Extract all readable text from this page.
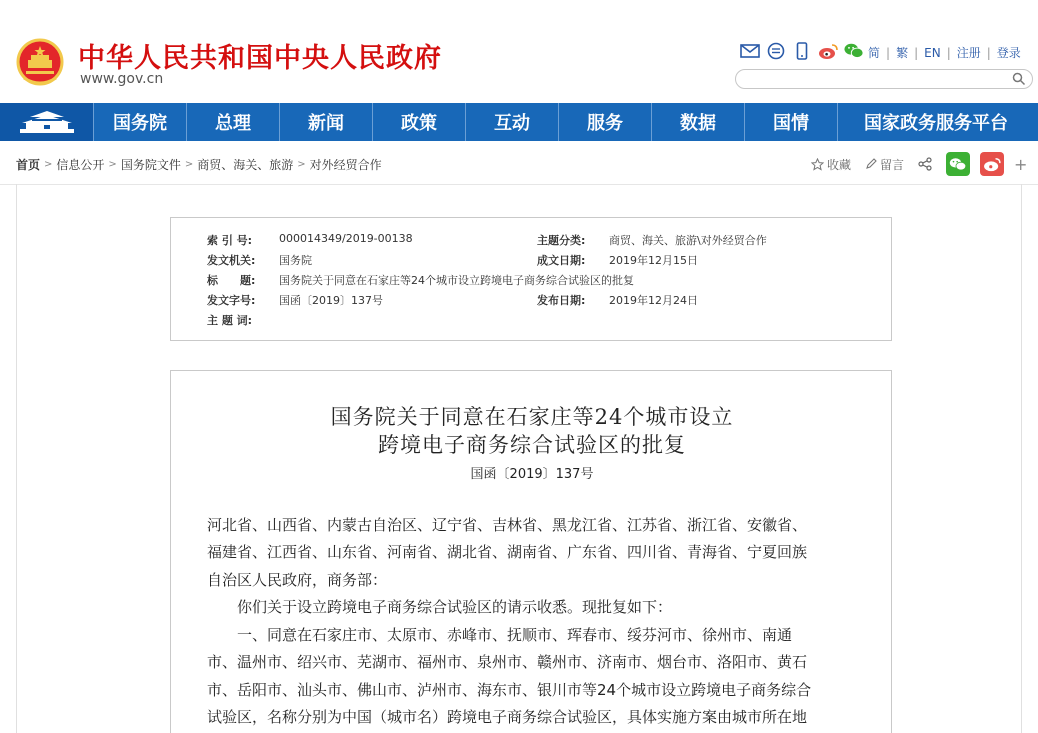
中华人民共和国中央人民政府
www.gov.cn
简 | 繁 | EN | 注册 | 登录
国务院	总理	新闻	政策	互动	服务	数据	国情	国家政务服务平台
首页 > 信息公开 > 国务院文件 > 商贸、海关、旅游 > 对外经贸合作	收藏 留言	+
索 引 号: 000014349/2019-00138	主题分类: 商贸、海关、旅游\对外经贸合作
发文机关: 国务院	成文日期: 2019年12月15日
标　　题: 国务院关于同意在石家庄等24个城市设立跨境电子商务综合试验区的批复
发文字号: 国函〔2019〕137号	发布日期: 2019年12月24日
主 题 词:
国务院关于同意在石家庄等24个城市设立
跨境电子商务综合试验区的批复
国函〔2019〕137号
河北省、山西省、内蒙古自治区、辽宁省、吉林省、黑龙江省、江苏省、浙江省、安徽省、
福建省、江西省、山东省、河南省、湖北省、湖南省、广东省、四川省、青海省、宁夏回族
自治区人民政府，商务部：
　　你们关于设立跨境电子商务综合试验区的请示收悉。现批复如下：
　　一、同意在石家庄市、太原市、赤峰市、抚顺市、珲春市、绥芬河市、徐州市、南通
市、温州市、绍兴市、芜湖市、福州市、泉州市、赣州市、济南市、烟台市、洛阳市、黄石
市、岳阳市、汕头市、佛山市、泸州市、海东市、银川市等24个城市设立跨境电子商务综合
试验区，名称分别为中国（城市名）跨境电子商务综合试验区，具体实施方案由城市所在地
